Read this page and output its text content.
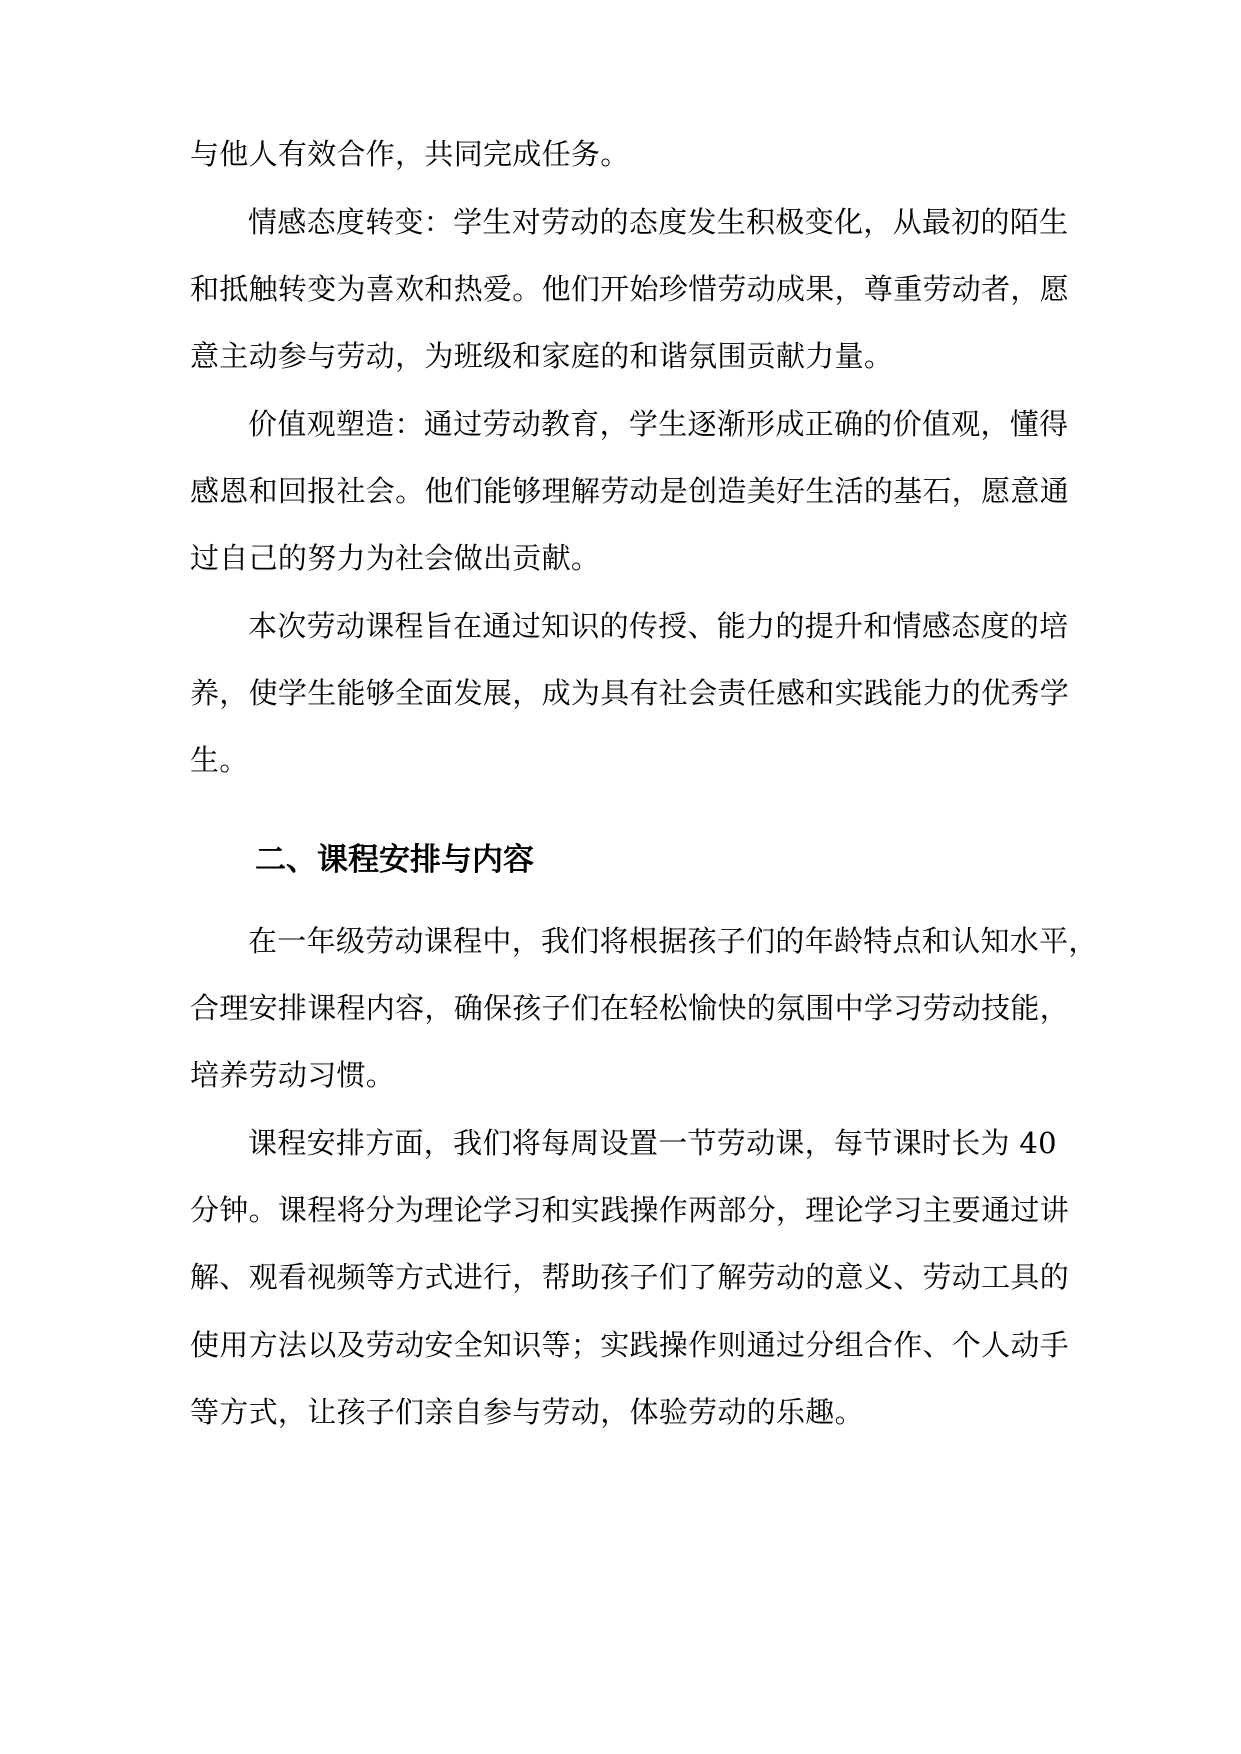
与他人有效合作，共同完成任务。
情感态度转变：学生对劳动的态度发生积极变化，从最初的陌生
和抵触转变为喜欢和热爱。他们开始珍惜劳动成果，尊重劳动者，愿
意主动参与劳动，为班级和家庭的和谐氛围贡献力量。
价值观塑造：通过劳动教育，学生逐渐形成正确的价值观，懂得
感恩和回报社会。他们能够理解劳动是创造美好生活的基石，愿意通
过自己的努力为社会做出贡献。
本次劳动课程旨在通过知识的传授、能力的提升和情感态度的培
养，使学生能够全面发展，成为具有社会责任感和实践能力的优秀学
生。
二、课程安排与内容
在一年级劳动课程中，我们将根据孩子们的年龄特点和认知水平，
合理安排课程内容，确保孩子们在轻松愉快的氛围中学习劳动技能，
培养劳动习惯。
课程安排方面，我们将每周设置一节劳动课，每节课时长为 40
分钟。课程将分为理论学习和实践操作两部分，理论学习主要通过讲
解、观看视频等方式进行，帮助孩子们了解劳动的意义、劳动工具的
使用方法以及劳动安全知识等；实践操作则通过分组合作、个人动手
等方式，让孩子们亲自参与劳动，体验劳动的乐趣。
